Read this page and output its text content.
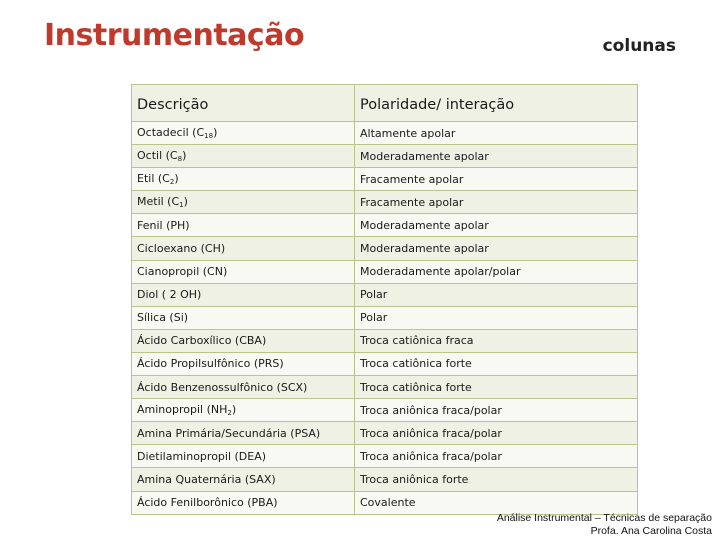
Instrumentação	colunas
Descrição	Polaridade/ interação
Octadecil $(C_{18})$	Altamente apolar
Octil $(C_8)$	Moderadamente apolar
Etil $(C_2)$	Fracamente apolar
Metil $(C_1)$	Fracamente apolar
Fenil (PH)	Moderadamente apolar
Cicloexano (CH)	Moderadamente apolar
Cianopropil (CN)	Moderadamente apolar/polar
Diol ( 2 OH)	Polar
Sílica (Si)	Polar
Ácido Carboxílico (CBA)	Troca catiônica fraca
Ácido Propilsulfônico (PRS)	Troca catiônica forte
Ácido Benzenossulfônico (SCX)	Troca catiônica forte
Aminopropil $(NH_2)$	Troca aniônica fraca/polar
Amina Primária/Secundária (PSA)	Troca aniônica fraca/polar
Dietilaminopropil (DEA)	Troca aniônica fraca/polar
Amina Quaternária (SAX)	Troca aniônica forte
Ácido Fenilborônico (PBA)	Covalente
Análise Instrumental – Técnicas de separação
Profa. Ana Carolina Costa
